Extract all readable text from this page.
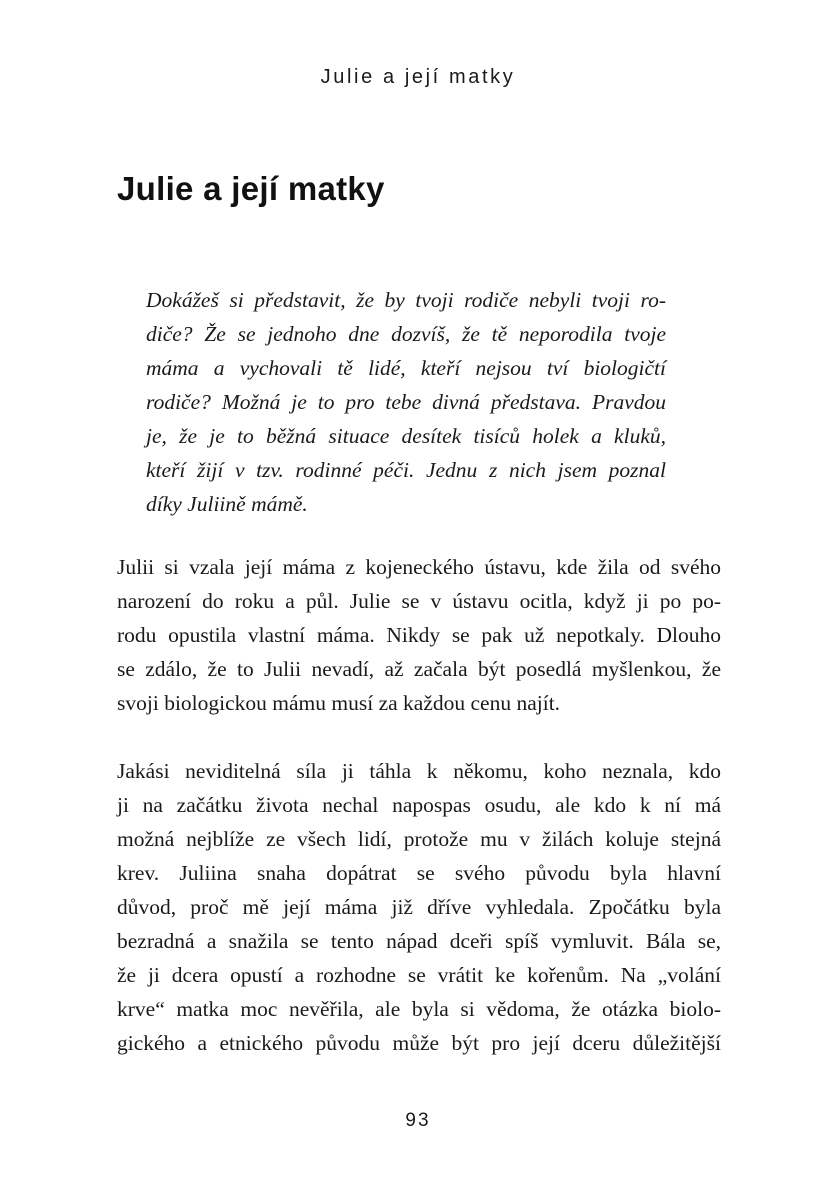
Julie a její matky
Julie a její matky
Dokážeš si představit, že by tvoji rodiče nebyli tvoji ro-
diče? Že se jednoho dne dozvíš, že tě neporodila tvoje
máma a vychovali tě lidé, kteří nejsou tví biologičtí
rodiče? Možná je to pro tebe divná představa. Pravdou
je, že je to běžná situace desítek tisíců holek a kluků,
kteří žijí v tzv. rodinné péči. Jednu z nich jsem poznal
díky Juliině mámě.
Julii si vzala její máma z kojeneckého ústavu, kde žila od svého
narození do roku a půl. Julie se v ústavu ocitla, když ji po po-
rodu opustila vlastní máma. Nikdy se pak už nepotkaly. Dlouho
se zdálo, že to Julii nevadí, až začala být posedlá myšlenkou, že
svoji biologickou mámu musí za každou cenu najít.
Jakási neviditelná síla ji táhla k někomu, koho neznala, kdo
ji na začátku života nechal napospas osudu, ale kdo k ní má
možná nejblíže ze všech lidí, protože mu v žilách koluje stejná
krev. Juliina snaha dopátrat se svého původu byla hlavní
důvod, proč mě její máma již dříve vyhledala. Zpočátku byla
bezradná a snažila se tento nápad dceři spíš vymluvit. Bála se,
že ji dcera opustí a rozhodne se vrátit ke kořenům. Na „volání
krve“ matka moc nevěřila, ale byla si vědoma, že otázka biolo-
gického a etnického původu může být pro její dceru důležitější
93
